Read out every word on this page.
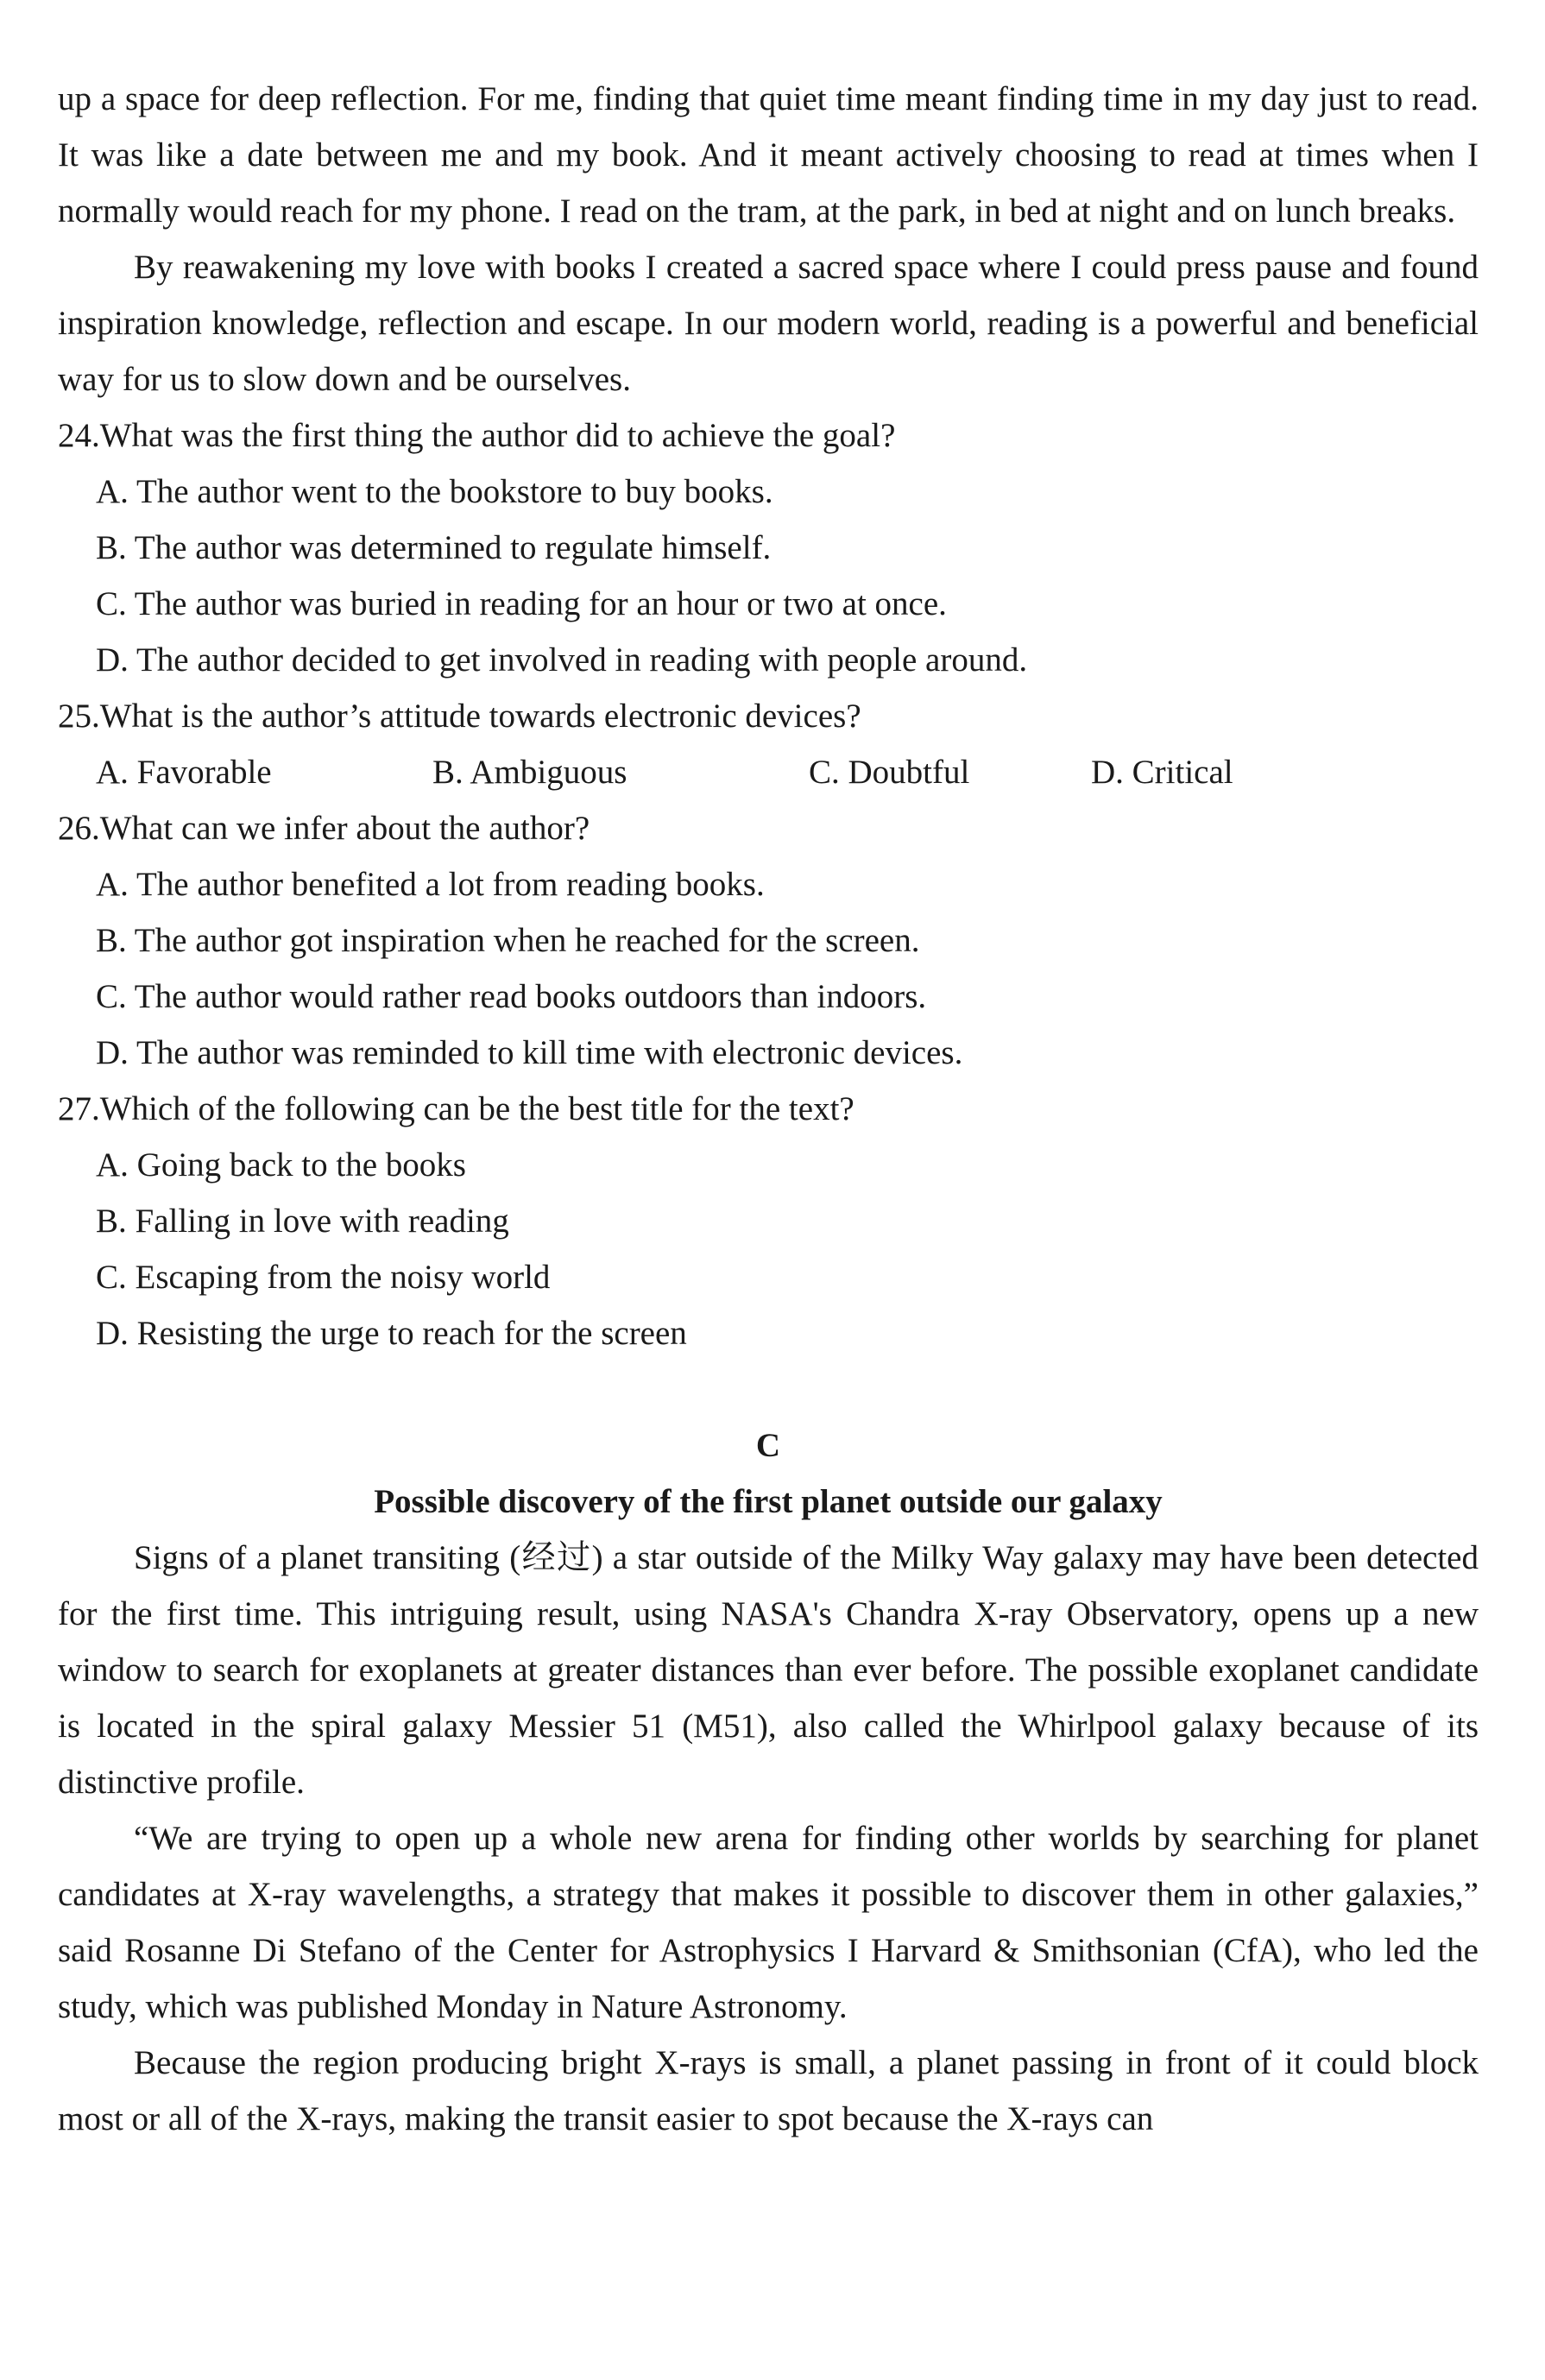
up a space for deep reflection. For me, finding that quiet time meant finding time in my day just to read. It was like a date between me and my book. And it meant actively choosing to read at times when I normally would reach for my phone. I read on the tram, at the park, in bed at night and on lunch breaks.

By reawakening my love with books I created a sacred space where I could press pause and found inspiration knowledge, reflection and escape. In our modern world, reading is a powerful and beneficial way for us to slow down and be ourselves.

24.What was the first thing the author did to achieve the goal?

A. The author went to the bookstore to buy books.

B. The author was determined to regulate himself.

C. The author was buried in reading for an hour or two at once.

D. The author decided to get involved in reading with people around.

25.What is the author’s attitude towards electronic devices?

A. Favorable	B. Ambiguous	C. Doubtful	D. Critical

26.What can we infer about the author?

A. The author benefited a lot from reading books.

B. The author got inspiration when he reached for the screen.

C. The author would rather read books outdoors than indoors.

D. The author was reminded to kill time with electronic devices.

27.Which of the following can be the best title for the text?

A. Going back to the books

B. Falling in love with reading

C. Escaping from the noisy world

D. Resisting the urge to reach for the screen

C

Possible discovery of the first planet outside our galaxy

Signs of a planet transiting (经过) a star outside of the Milky Way galaxy may have been detected for the first time. This intriguing result, using NASA's Chandra X-ray Observatory, opens up a new window to search for exoplanets at greater distances than ever before. The possible exoplanet candidate is located in the spiral galaxy Messier 51 (M51), also called the Whirlpool galaxy because of its distinctive profile.

“We are trying to open up a whole new arena for finding other worlds by searching for planet candidates at X-ray wavelengths, a strategy that makes it possible to discover them in other galaxies,” said Rosanne Di Stefano of the Center for Astrophysics I Harvard & Smithsonian (CfA), who led the study, which was published Monday in Nature Astronomy.

Because the region producing bright X-rays is small, a planet passing in front of it could block most or all of the X-rays, making the transit easier to spot because the X-rays can
